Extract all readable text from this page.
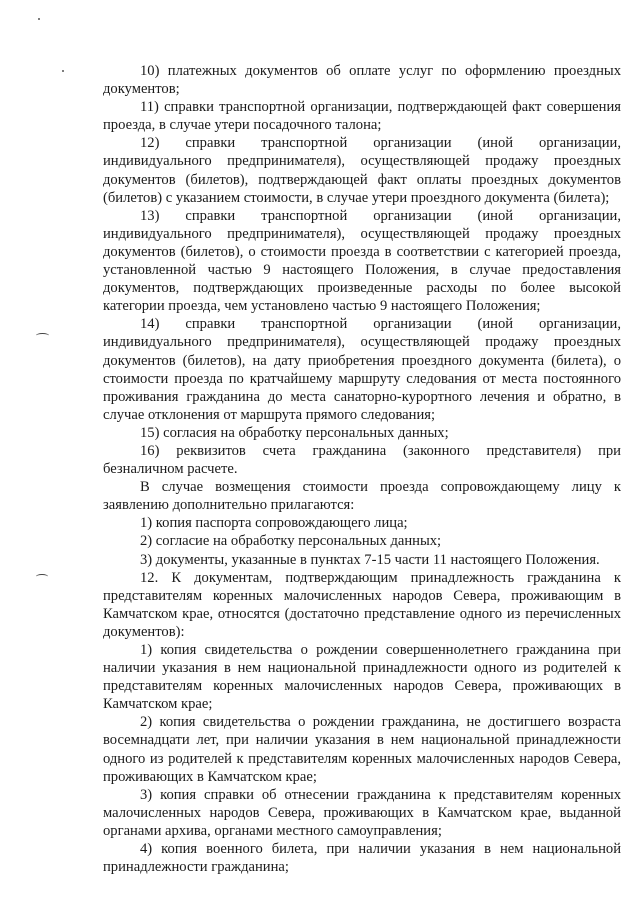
10) платежных документов об оплате услуг по оформлению проездных документов;

11) справки транспортной организации, подтверждающей факт совершения проезда, в случае утери посадочного талона;

12) справки транспортной организации (иной организации, индивидуального предпринимателя), осуществляющей продажу проездных документов (билетов), подтверждающей факт оплаты проездных документов (билетов) с указанием стоимости, в случае утери проездного документа (билета);

13) справки транспортной организации (иной организации, индивидуального предпринимателя), осуществляющей продажу проездных документов (билетов), о стоимости проезда в соответствии с категорией проезда, установленной частью 9 настоящего Положения, в случае предоставления документов, подтверждающих произведенные расходы по более высокой категории проезда, чем установлено частью 9 настоящего Положения;

14) справки транспортной организации (иной организации, индивидуального предпринимателя), осуществляющей продажу проездных документов (билетов), на дату приобретения проездного документа (билета), о стоимости проезда по кратчайшему маршруту следования от места постоянного проживания гражданина до места санаторно-курортного лечения и обратно, в случае отклонения от маршрута прямого следования;

15) согласия на обработку персональных данных;

16) реквизитов счета гражданина (законного представителя) при безналичном расчете.

В случае возмещения стоимости проезда сопровождающему лицу к заявлению дополнительно прилагаются:

1) копия паспорта сопровождающего лица;

2) согласие на обработку персональных данных;

3) документы, указанные в пунктах 7-15 части 11 настоящего Положения.

12. К документам, подтверждающим принадлежность гражданина к представителям коренных малочисленных народов Севера, проживающим в Камчатском крае, относятся (достаточно представление одного из перечисленных документов):

1) копия свидетельства о рождении совершеннолетнего гражданина при наличии указания в нем национальной принадлежности одного из родителей к представителям коренных малочисленных народов Севера, проживающих в Камчатском крае;

2) копия свидетельства о рождении гражданина, не достигшего возраста восемнадцати лет, при наличии указания в нем национальной принадлежности одного из родителей к представителям коренных малочисленных народов Севера, проживающих в Камчатском крае;

3) копия справки об отнесении гражданина к представителям коренных малочисленных народов Севера, проживающих в Камчатском крае, выданной органами архива, органами местного самоуправления;

4) копия военного билета, при наличии указания в нем национальной принадлежности гражданина;
